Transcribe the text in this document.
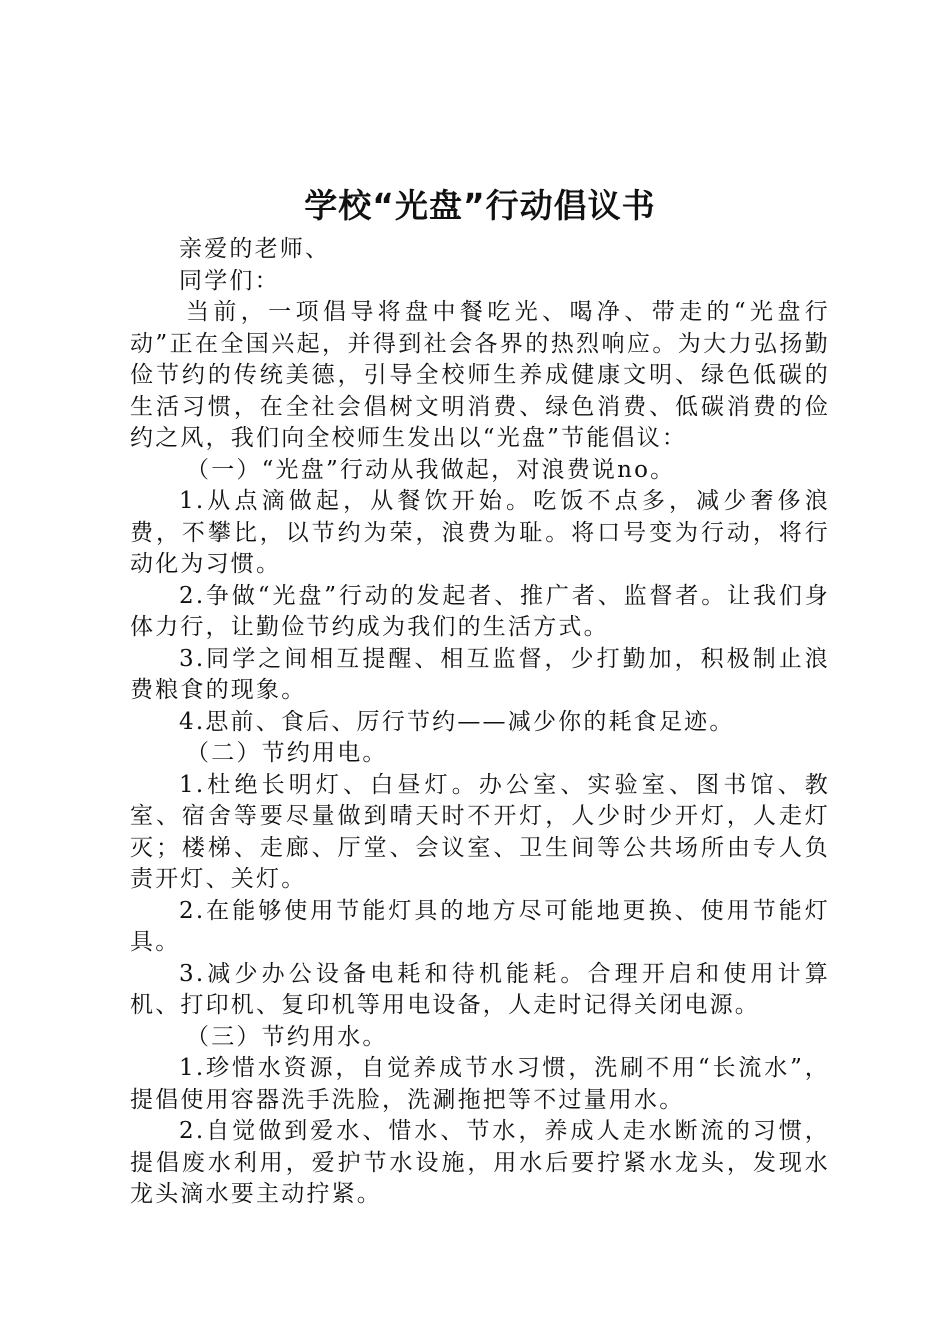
学校“光盘”行动倡议书

亲爱的老师、

同学们：

当前，一项倡导将盘中餐吃光、喝净、带走的“光盘行动”正在全国兴起，并得到社会各界的热烈响应。为大力弘扬勤俭节约的传统美德，引导全校师生养成健康文明、绿色低碳的生活习惯，在全社会倡树文明消费、绿色消费、低碳消费的俭约之风，我们向全校师生发出以“光盘”节能倡议：

（一）“光盘”行动从我做起，对浪费说no。

1.从点滴做起，从餐饮开始。吃饭不点多，减少奢侈浪费，不攀比，以节约为荣，浪费为耻。将口号变为行动，将行动化为习惯。

2.争做“光盘”行动的发起者、推广者、监督者。让我们身体力行，让勤俭节约成为我们的生活方式。

3.同学之间相互提醒、相互监督，少打勤加，积极制止浪费粮食的现象。

4.思前、食后、厉行节约——减少你的耗食足迹。

（二）节约用电。

1.杜绝长明灯、白昼灯。办公室、实验室、图书馆、教室、宿舍等要尽量做到晴天时不开灯，人少时少开灯，人走灯灭；楼梯、走廊、厅堂、会议室、卫生间等公共场所由专人负责开灯、关灯。

2.在能够使用节能灯具的地方尽可能地更换、使用节能灯具。

3.减少办公设备电耗和待机能耗。合理开启和使用计算机、打印机、复印机等用电设备，人走时记得关闭电源。

（三）节约用水。

1.珍惜水资源，自觉养成节水习惯，洗刷不用“长流水”，提倡使用容器洗手洗脸，洗涮拖把等不过量用水。

2.自觉做到爱水、惜水、节水，养成人走水断流的习惯，提倡废水利用，爱护节水设施，用水后要拧紧水龙头，发现水龙头滴水要主动拧紧。
